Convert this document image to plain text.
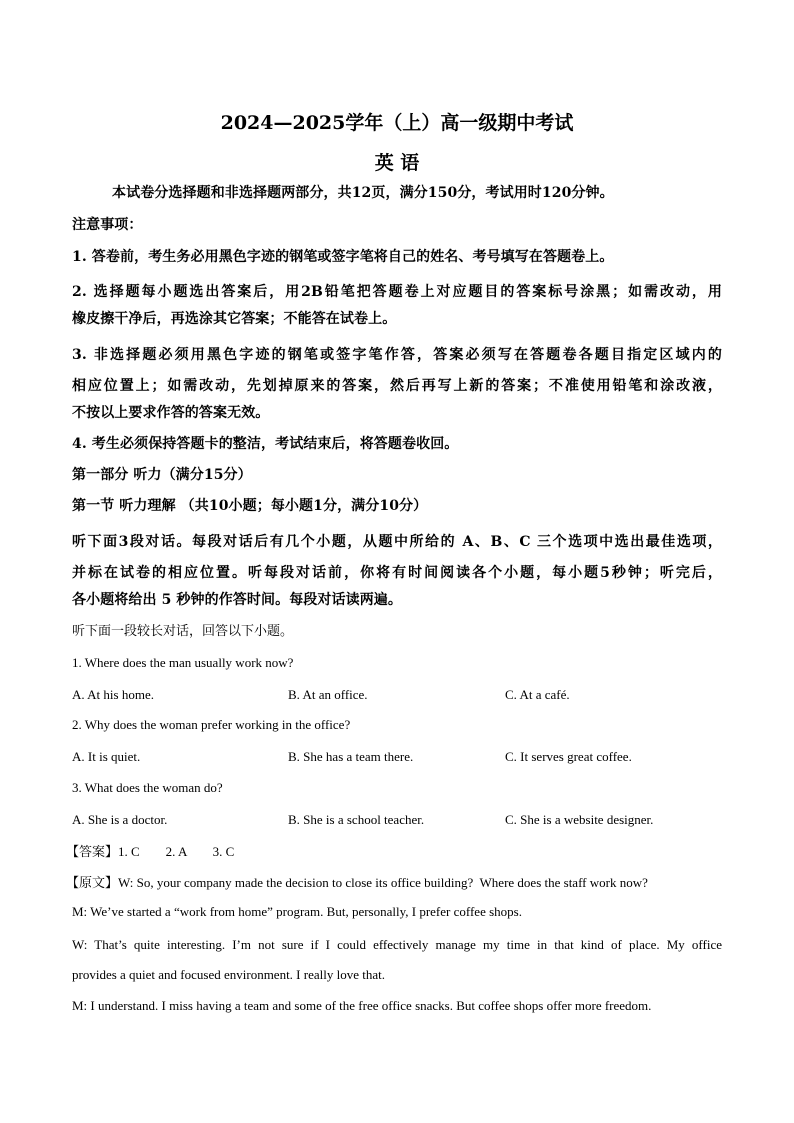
2024—2025学年（上）高一级期中考试
英 语
本试卷分选择题和非选择题两部分，共12页，满分150分，考试用时120分钟。
注意事项：
1. 答卷前，考生务必用黑色字迹的钢笔或签字笔将自己的姓名、考号填写在答题卷上。
2. 选择题每小题选出答案后，用2B铅笔把答题卷上对应题目的答案标号涂黑；如需改动，用
橡皮擦干净后，再选涂其它答案；不能答在试卷上。
3. 非选择题必须用黑色字迹的钢笔或签字笔作答，答案必须写在答题卷各题目指定区域内的
相应位置上；如需改动，先划掉原来的答案，然后再写上新的答案；不准使用铅笔和涂改液，
不按以上要求作答的答案无效。
4. 考生必须保持答题卡的整洁，考试结束后，将答题卷收回。
第一部分 听力（满分15分）
第一节 听力理解 （共10小题；每小题1分，满分10分）
听下面3段对话。每段对话后有几个小题，从题中所给的 A、B、C 三个选项中选出最佳选项，
并标在试卷的相应位置。听每段对话前，你将有时间阅读各个小题，每小题5秒钟；听完后，
各小题将给出 5 秒钟的作答时间。每段对话读两遍。
听下面一段较长对话，回答以下小题。
1. Where does the man usually work now?
A. At his home.	B. At an office.	C. At a café.
2. Why does the woman prefer working in the office?
A. It is quiet.	B. She has a team there.	C. It serves great coffee.
3. What does the woman do?
A. She is a doctor.	B. She is a school teacher.	C. She is a website designer.
【答案】1. C        2. A        3. C
【原文】W: So, your company made the decision to close its office building?  Where does the staff work now?
M: We’ve started a “work from home” program. But, personally, I prefer coffee shops.
W: That’s quite interesting. I’m not sure if I could effectively manage my time in that kind of place. My office
provides a quiet and focused environment. I really love that.
M: I understand. I miss having a team and some of the free office snacks. But coffee shops offer more freedom.
